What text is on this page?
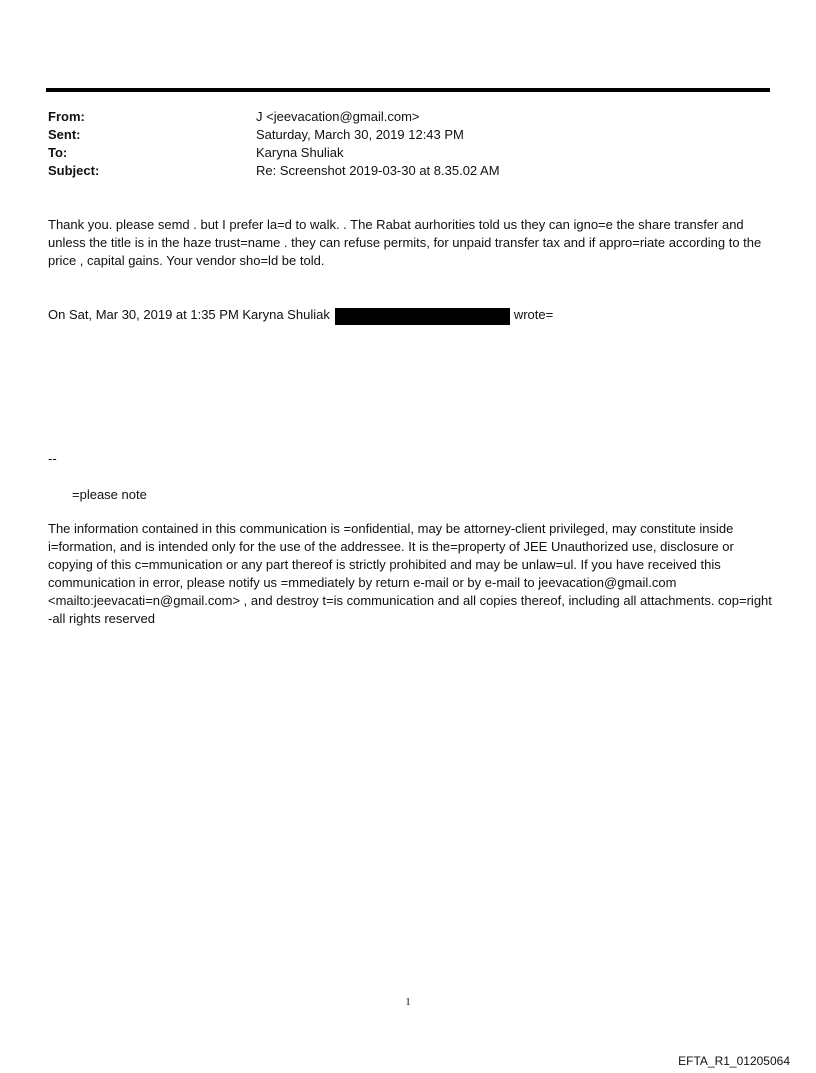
From:	J <jeevacation@gmail.com>
Sent:	Saturday, March 30, 2019 12:43 PM
To:	Karyna Shuliak
Subject:	Re: Screenshot 2019-03-30 at 8.35.02 AM
Thank you. please semd . but I prefer la=d to walk. . The Rabat aurhorities told us they can igno=e the share transfer and unless the title is in the haze trust=name . they can refuse permits, for unpaid transfer tax and if appro=riate according to the price , capital gains. Your vendor sho=ld be told.
On Sat, Mar 30, 2019 at 1:35 PM Karyna Shuliak	wrote=
--
=please note
The information contained in this communication is =onfidential, may be attorney-client privileged, may constitute inside i=formation, and is intended only for the use of the addressee. It is the=property of JEE Unauthorized use, disclosure or copying of this c=mmunication or any part thereof is strictly prohibited and may be unlaw=ul. If you have received this communication in error, please notify us =mmediately by return e-mail or by e-mail to jeevacation@gmail.com <mailto:jeevacati=n@gmail.com> , and destroy t=is communication and all copies thereof, including all attachments. cop=right -all rights reserved
1
EFTA_R1_01205064
